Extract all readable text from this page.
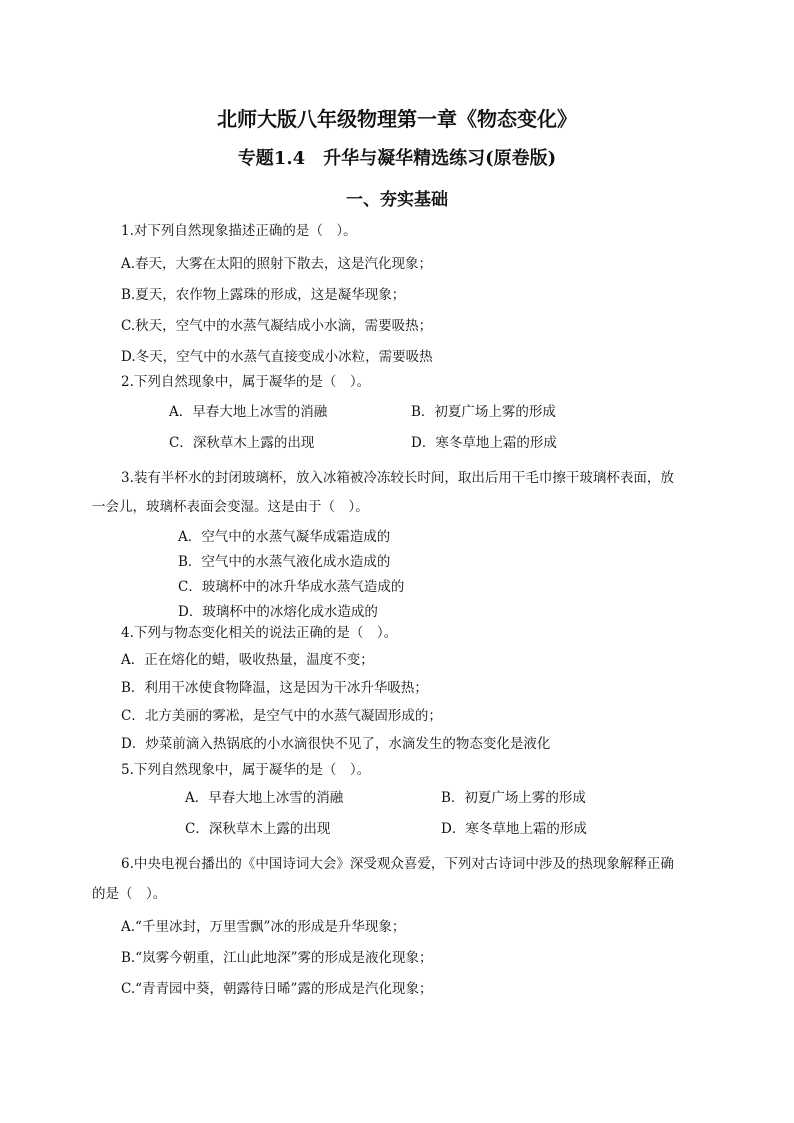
北师大版八年级物理第一章《物态变化》
专题1.4　升华与凝华精选练习(原卷版)
一、夯实基础
1.对下列自然现象描述正确的是（　）。
A.春天，大雾在太阳的照射下散去，这是汽化现象；
B.夏天，农作物上露珠的形成，这是凝华现象；
C.秋天，空气中的水蒸气凝结成小水滴，需要吸热；
D.冬天，空气中的水蒸气直接变成小冰粒，需要吸热
2.下列自然现象中，属于凝华的是（　）。
A．早春大地上冰雪的消融	B．初夏广场上雾的形成
C．深秋草木上露的出现	D．寒冬草地上霜的形成
3.装有半杯水的封闭玻璃杯，放入冰箱被冷冻较长时间，取出后用干毛巾擦干玻璃杯表面，放
一会儿，玻璃杯表面会变湿。这是由于（　）。
A．空气中的水蒸气凝华成霜造成的
B．空气中的水蒸气液化成水造成的
C．玻璃杯中的冰升华成水蒸气造成的
D．玻璃杯中的冰熔化成水造成的
4.下列与物态变化相关的说法正确的是（　）。
A．正在熔化的蜡，吸收热量，温度不变；
B．利用干冰使食物降温，这是因为干冰升华吸热；
C．北方美丽的雾凇，是空气中的水蒸气凝固形成的；
D．炒菜前滴入热锅底的小水滴很快不见了，水滴发生的物态变化是液化
5.下列自然现象中，属于凝华的是（　）。
A．早春大地上冰雪的消融	B．初夏广场上雾的形成
C．深秋草木上露的出现	D．寒冬草地上霜的形成
6.中央电视台播出的《中国诗词大会》深受观众喜爱，下列对古诗词中涉及的热现象解释正确
的是（　）。
A.“千里冰封，万里雪飘”冰的形成是升华现象；
B.“岚雾今朝重，江山此地深”雾的形成是液化现象；
C.“青青园中葵，朝露待日晞”露的形成是汽化现象；
